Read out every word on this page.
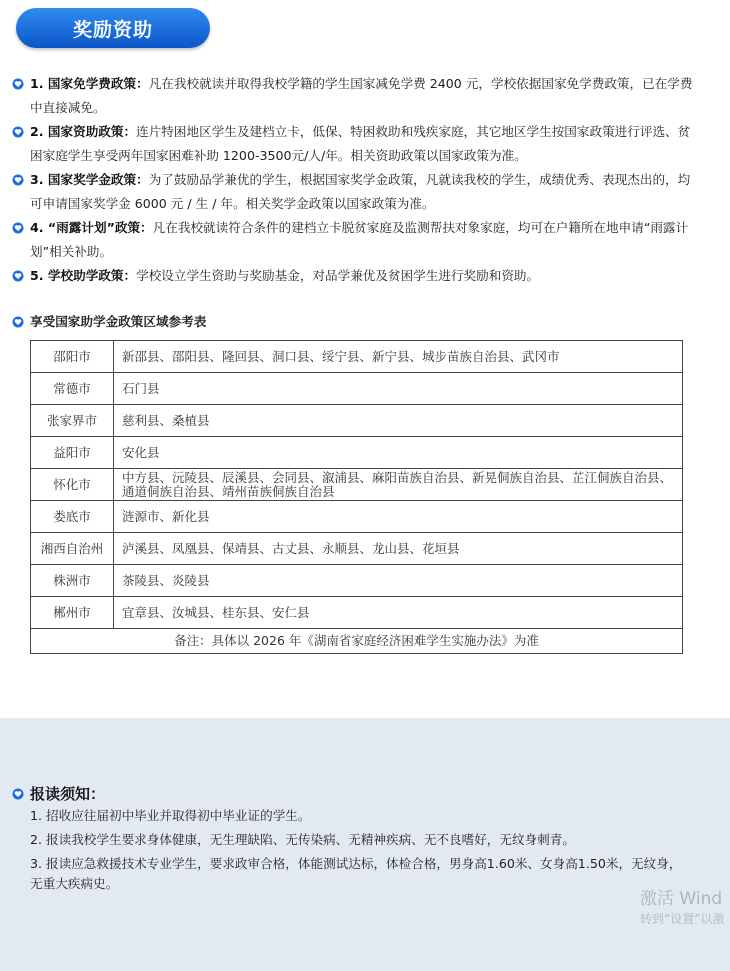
奖励资助
1. 国家免学费政策：凡在我校就读并取得我校学籍的学生国家减免学费 2400 元，学校依据国家免学费政策，已在学费中直接减免。
2. 国家资助政策：连片特困地区学生及建档立卡，低保、特困救助和残疾家庭，其它地区学生按国家政策进行评选、贫困家庭学生享受两年国家困难补助 1200-3500元/人/年。相关资助政策以国家政策为准。
3. 国家奖学金政策：为了鼓励品学兼优的学生，根据国家奖学金政策，凡就读我校的学生，成绩优秀、表现杰出的，均可申请国家奖学金 6000 元 / 生 / 年。相关奖学金政策以国家政策为准。
4. “雨露计划”政策：凡在我校就读符合条件的建档立卡脱贫家庭及监测帮扶对象家庭，均可在户籍所在地申请“雨露计划”相关补助。
5. 学校助学政策：学校设立学生资助与奖励基金，对品学兼优及贫困学生进行奖励和资助。
享受国家助学金政策区域参考表
邵阳市	新邵县、邵阳县、隆回县、洞口县、绥宁县、新宁县、城步苗族自治县、武冈市
常德市	石门县
张家界市	慈利县、桑植县
益阳市	安化县
怀化市	中方县、沅陵县、辰溪县、会同县、溆浦县、麻阳苗族自治县、新晃侗族自治县、芷江侗族自治县、通道侗族自治县、靖州苗族侗族自治县
娄底市	涟源市、新化县
湘西自治州	泸溪县、凤凰县、保靖县、古丈县、永顺县、龙山县、花垣县
株洲市	茶陵县、炎陵县
郴州市	宜章县、汝城县、桂东县、安仁县
备注：具体以 2026 年《湖南省家庭经济困难学生实施办法》为准	
报读须知：
1. 招收应往届初中毕业并取得初中毕业证的学生。
2. 报读我校学生要求身体健康，无生理缺陷、无传染病、无精神疾病、无不良嗜好，无纹身刺青。
3. 报读应急救援技术专业学生，要求政审合格，体能测试达标，体检合格，男身高1.60米、女身高1.50米，无纹身，无重大疾病史。
激活 Wind
转到“设置”以激
